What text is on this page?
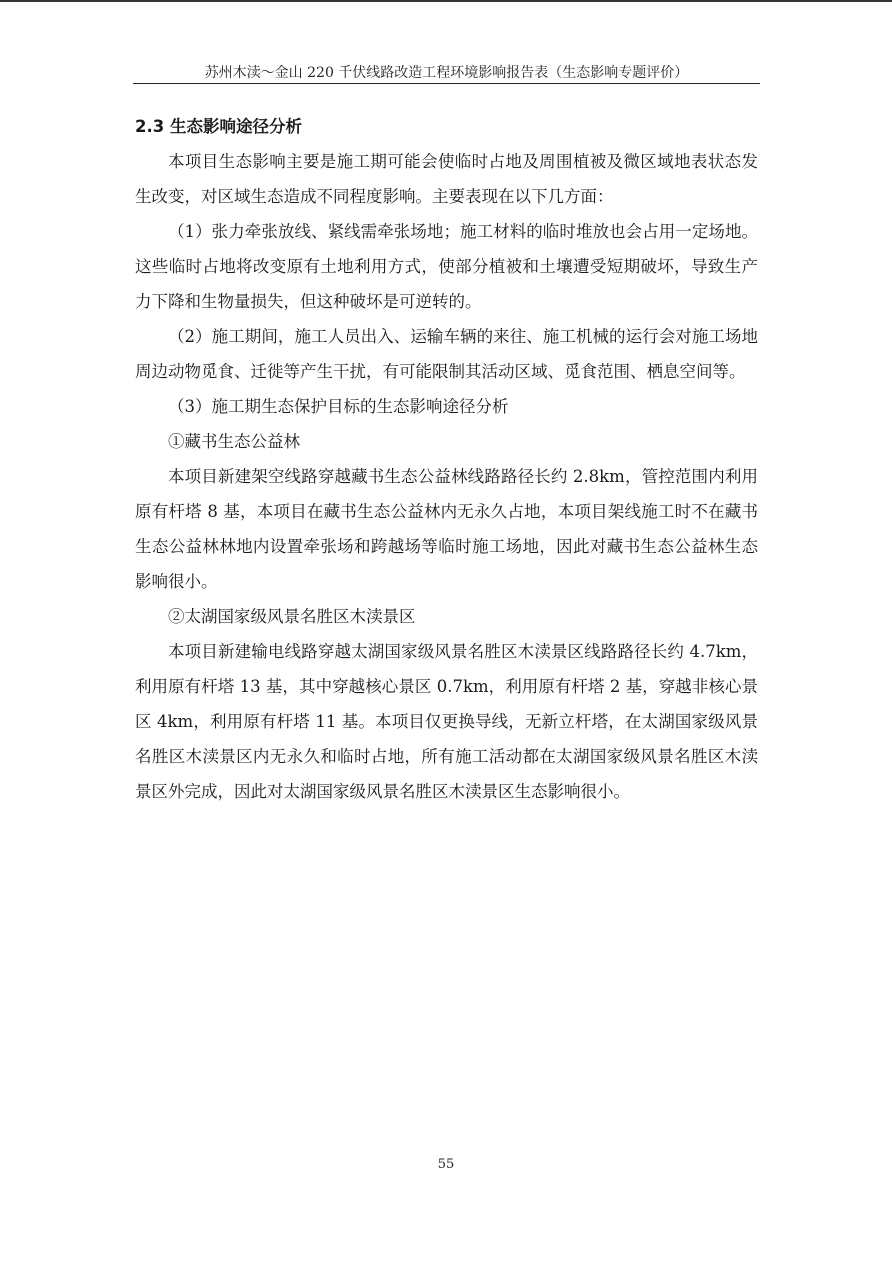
苏州木渎～金山 220 千伏线路改造工程环境影响报告表（生态影响专题评价）
2.3 生态影响途径分析

本项目生态影响主要是施工期可能会使临时占地及周围植被及微区域地表状态发生改变，对区域生态造成不同程度影响。主要表现在以下几方面：

（1）张力牵张放线、紧线需牵张场地；施工材料的临时堆放也会占用一定场地。这些临时占地将改变原有土地利用方式，使部分植被和土壤遭受短期破坏，导致生产力下降和生物量损失，但这种破坏是可逆转的。

（2）施工期间，施工人员出入、运输车辆的来往、施工机械的运行会对施工场地周边动物觅食、迁徙等产生干扰，有可能限制其活动区域、觅食范围、栖息空间等。

（3）施工期生态保护目标的生态影响途径分析

①藏书生态公益林

本项目新建架空线路穿越藏书生态公益林线路路径长约 2.8km，管控范围内利用原有杆塔 8 基，本项目在藏书生态公益林内无永久占地，本项目架线施工时不在藏书生态公益林林地内设置牵张场和跨越场等临时施工场地，因此对藏书生态公益林生态影响很小。

②太湖国家级风景名胜区木渎景区

本项目新建输电线路穿越太湖国家级风景名胜区木渎景区线路路径长约 4.7km，利用原有杆塔 13 基，其中穿越核心景区 0.7km，利用原有杆塔 2 基，穿越非核心景区 4km，利用原有杆塔 11 基。本项目仅更换导线，无新立杆塔，在太湖国家级风景名胜区木渎景区内无永久和临时占地，所有施工活动都在太湖国家级风景名胜区木渎景区外完成，因此对太湖国家级风景名胜区木渎景区生态影响很小。

55
